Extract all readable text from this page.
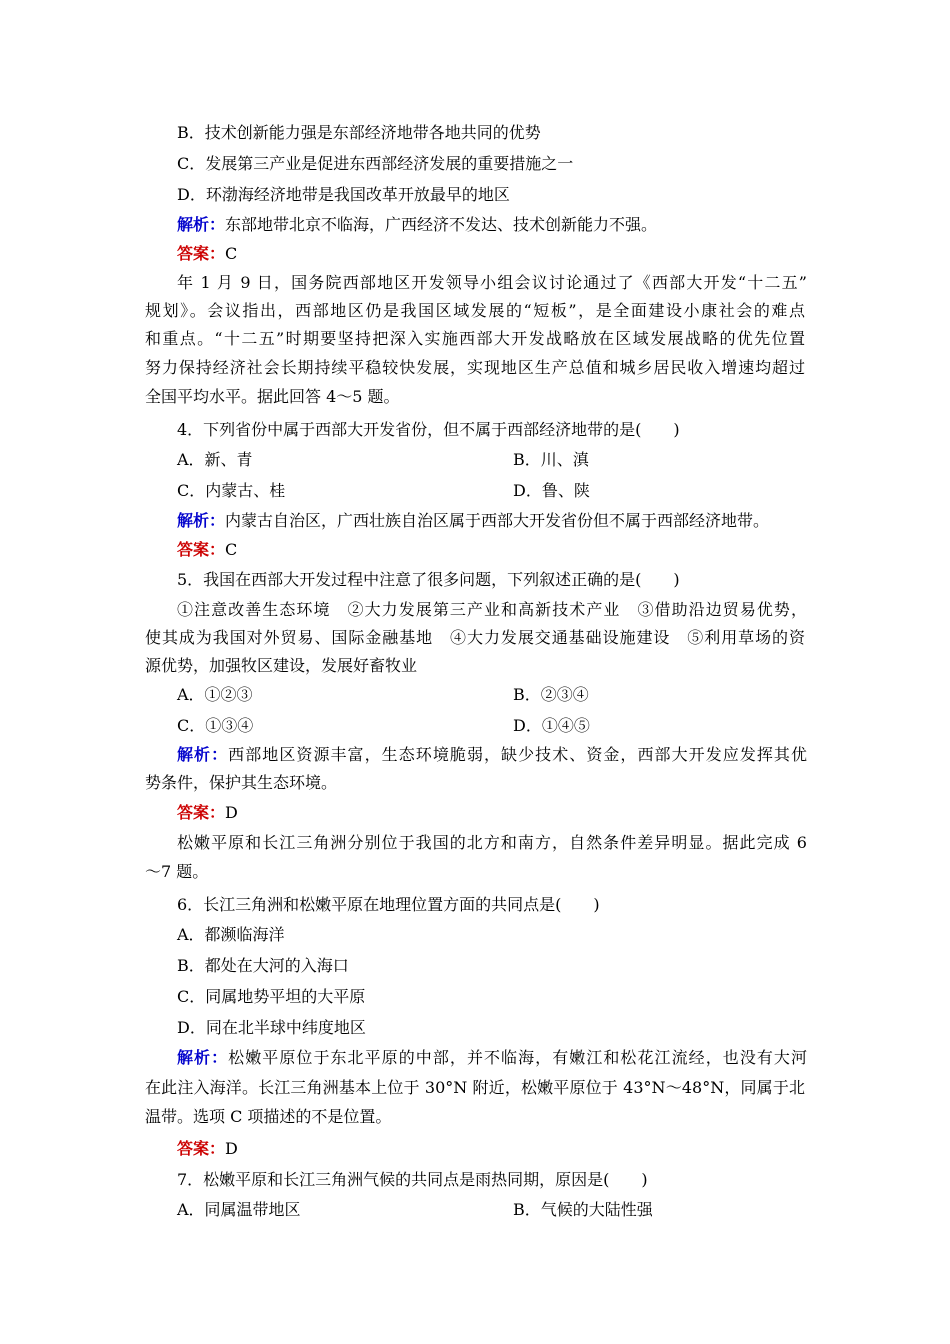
B．技术创新能力强是东部经济地带各地共同的优势
C．发展第三产业是促进东西部经济发展的重要措施之一
D．环渤海经济地带是我国改革开放最早的地区
解析：东部地带北京不临海，广西经济不发达、技术创新能力不强。
答案：C
年 1 月 9 日，国务院西部地区开发领导小组会议讨论通过了《西部大开发“十二五”
规划》。会议指出，西部地区仍是我国区域发展的“短板”，是全面建设小康社会的难点
和重点。“十二五”时期要坚持把深入实施西部大开发战略放在区域发展战略的优先位置
努力保持经济社会长期持续平稳较快发展，实现地区生产总值和城乡居民收入增速均超过
全国平均水平。据此回答 4～5 题。
4．下列省份中属于西部大开发省份，但不属于西部经济地带的是(　　)
A．新、青	B．川、滇
C．内蒙古、桂	D．鲁、陕
解析：内蒙古自治区，广西壮族自治区属于西部大开发省份但不属于西部经济地带。
答案：C
5．我国在西部大开发过程中注意了很多问题，下列叙述正确的是(　　)
①注意改善生态环境　②大力发展第三产业和高新技术产业　③借助沿边贸易优势，
使其成为我国对外贸易、国际金融基地　④大力发展交通基础设施建设　⑤利用草场的资
源优势，加强牧区建设，发展好畜牧业
A．①②③	B．②③④
C．①③④	D．①④⑤
解析：西部地区资源丰富，生态环境脆弱，缺少技术、资金，西部大开发应发挥其优
势条件，保护其生态环境。
答案：D
松嫩平原和长江三角洲分别位于我国的北方和南方，自然条件差异明显。据此完成 6
～7 题。
6．长江三角洲和松嫩平原在地理位置方面的共同点是(　　)
A．都濒临海洋
B．都处在大河的入海口
C．同属地势平坦的大平原
D．同在北半球中纬度地区
解析：松嫩平原位于东北平原的中部，并不临海，有嫩江和松花江流经，也没有大河
在此注入海洋。长江三角洲基本上位于 30°N 附近，松嫩平原位于 43°N～48°N，同属于北
温带。选项 C 项描述的不是位置。
答案：D
7．松嫩平原和长江三角洲气候的共同点是雨热同期，原因是(　　)
A．同属温带地区	B．气候的大陆性强
